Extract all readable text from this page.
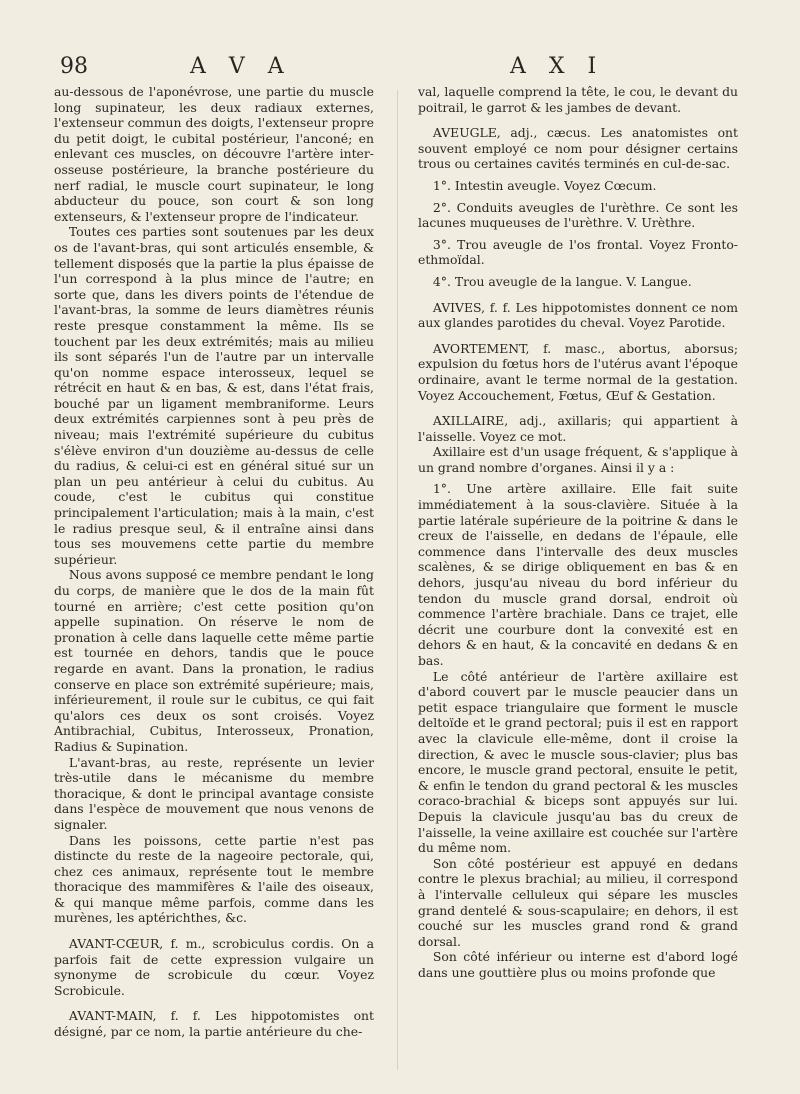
98	A V A	A X I

au-dessous de l'aponévrose, une partie du muscle long supinateur, les deux radiaux externes, l'extenseur commun des doigts, l'extenseur propre du petit doigt, le cubital postérieur, l'anconé; en enlevant ces muscles, on découvre l'artère inter-osseuse postérieure, la branche postérieure du nerf radial, le muscle court supinateur, le long abducteur du pouce, son court & son long extenseurs, & l'extenseur propre de l'indicateur.

Toutes ces parties sont soutenues par les deux os de l'avant-bras, qui sont articulés ensemble, & tellement disposés que la partie la plus épaisse de l'un correspond à la plus mince de l'autre; en sorte que, dans les divers points de l'étendue de l'avant-bras, la somme de leurs diamètres réunis reste presque constamment la même. Ils se touchent par les deux extrémités; mais au milieu ils sont séparés l'un de l'autre par un intervalle qu'on nomme espace interosseux, lequel se rétrécit en haut & en bas, & est, dans l'état frais, bouché par un ligament membraniforme. Leurs deux extrémités carpiennes sont à peu près de niveau; mais l'extrémité supérieure du cubitus s'élève environ d'un douzième au-dessus de celle du radius, & celui-ci est en général situé sur un plan un peu antérieur à celui du cubitus. Au coude, c'est le cubitus qui constitue principalement l'articulation; mais à la main, c'est le radius presque seul, & il entraîne ainsi dans tous ses mouvemens cette partie du membre supérieur.

Nous avons supposé ce membre pendant le long du corps, de manière que le dos de la main fût tourné en arrière; c'est cette position qu'on appelle supination. On réserve le nom de pronation à celle dans laquelle cette même partie est tournée en dehors, tandis que le pouce regarde en avant. Dans la pronation, le radius conserve en place son extrémité supérieure; mais, inférieurement, il roule sur le cubitus, ce qui fait qu'alors ces deux os sont croisés. Voyez Antibrachial, Cubitus, Interosseux, Pronation, Radius & Supination.

L'avant-bras, au reste, représente un levier très-utile dans le mécanisme du membre thoracique, & dont le principal avantage consiste dans l'espèce de mouvement que nous venons de signaler.

Dans les poissons, cette partie n'est pas distincte du reste de la nageoire pectorale, qui, chez ces animaux, représente tout le membre thoracique des mammifères & l'aile des oiseaux, & qui manque même parfois, comme dans les murènes, les aptérichthes, &c.

AVANT-CŒUR, f. m., scrobiculus cordis. On a parfois fait de cette expression vulgaire un synonyme de scrobicule du cœur. Voyez Scrobicule.

AVANT-MAIN, f. f. Les hippotomistes ont désigné, par ce nom, la partie antérieure du che-

val, laquelle comprend la tête, le cou, le devant du poitrail, le garrot & les jambes de devant.

AVEUGLE, adj., cæcus. Les anatomistes ont souvent employé ce nom pour désigner certains trous ou certaines cavités terminés en cul-de-sac.

1°. Intestin aveugle. Voyez Cœcum.

2°. Conduits aveugles de l'urèthre. Ce sont les lacunes muqueuses de l'urèthre. V. Urèthre.

3°. Trou aveugle de l'os frontal. Voyez Fronto-ethmoïdal.

4°. Trou aveugle de la langue. V. Langue.

AVIVES, f. f. Les hippotomistes donnent ce nom aux glandes parotides du cheval. Voyez Parotide.

AVORTEMENT, f. masc., abortus, aborsus; expulsion du fœtus hors de l'utérus avant l'époque ordinaire, avant le terme normal de la gestation. Voyez Accouchement, Fœtus, Œuf & Gestation.

AXILLAIRE, adj., axillaris; qui appartient à l'aisselle. Voyez ce mot.

Axillaire est d'un usage fréquent, & s'applique à un grand nombre d'organes. Ainsi il y a :

1°. Une artère axillaire. Elle fait suite immédiatement à la sous-clavière. Située à la partie latérale supérieure de la poitrine & dans le creux de l'aisselle, en dedans de l'épaule, elle commence dans l'intervalle des deux muscles scalènes, & se dirige obliquement en bas & en dehors, jusqu'au niveau du bord inférieur du tendon du muscle grand dorsal, endroit où commence l'artère brachiale. Dans ce trajet, elle décrit une courbure dont la convexité est en dehors & en haut, & la concavité en dedans & en bas.

Le côté antérieur de l'artère axillaire est d'abord couvert par le muscle peaucier dans un petit espace triangulaire que forment le muscle deltoïde et le grand pectoral; puis il est en rapport avec la clavicule elle-même, dont il croise la direction, & avec le muscle sous-clavier; plus bas encore, le muscle grand pectoral, ensuite le petit, & enfin le tendon du grand pectoral & les muscles coraco-brachial & biceps sont appuyés sur lui. Depuis la clavicule jusqu'au bas du creux de l'aisselle, la veine axillaire est couchée sur l'artère du même nom.

Son côté postérieur est appuyé en dedans contre le plexus brachial; au milieu, il correspond à l'intervalle celluleux qui sépare les muscles grand dentelé & sous-scapulaire; en dehors, il est couché sur les muscles grand rond & grand dorsal.

Son côté inférieur ou interne est d'abord logé dans une gouttière plus ou moins profonde que
